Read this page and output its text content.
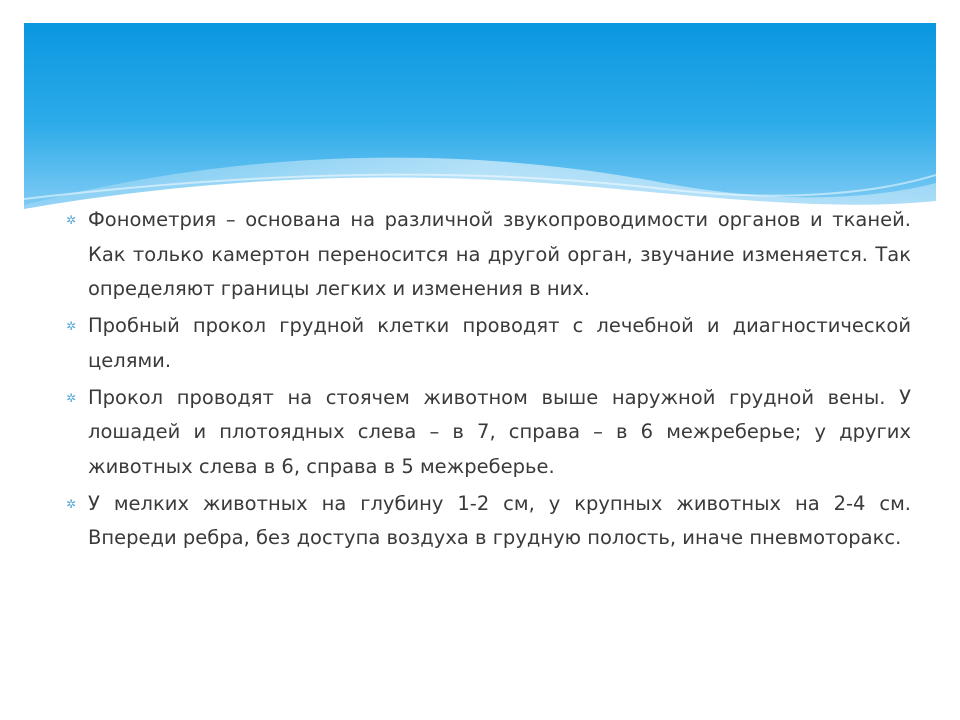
✲ Фонометрия – основана на различной звукопроводимости органов и тканей. Как только камертон переносится на другой орган, звучание изменяется. Так определяют границы легких и изменения в них.
✲ Пробный прокол грудной клетки проводят с лечебной и диагностической целями.
✲ Прокол проводят на стоячем животном выше наружной грудной вены. У лошадей и плотоядных слева – в 7, справа – в 6 межреберье; у других животных слева в 6, справа в 5 межреберье.
✲ У мелких животных на глубину 1-2 см, у крупных животных на 2-4 см. Впереди ребра, без доступа воздуха в грудную полость, иначе пневмоторакс.
